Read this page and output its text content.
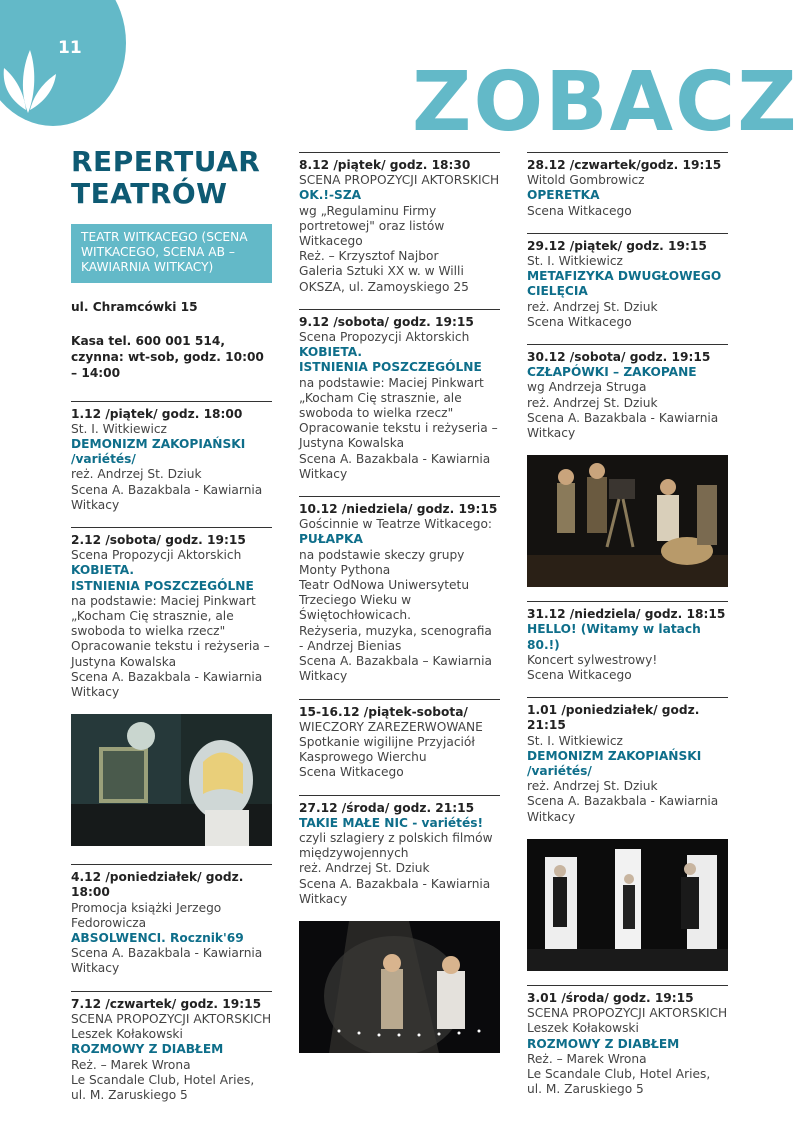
11
ZOBACZ
REPERTUAR
TEATRÓW
TEATR WITKACEGO (SCENA WITKACEGO, SCENA AB – KAWIARNIA WITKACY)
ul. Chramcówki 15
Kasa tel. 600 001 514, czynna: wt-sob, godz. 10:00 – 14:00
1.12 /piątek/ godz. 18:00
St. I. Witkiewicz
DEMONIZM ZAKOPIAŃSKI /variétés/
reż. Andrzej St. Dziuk
Scena A. Bazakbala - Kawiarnia Witkacy
2.12 /sobota/ godz. 19:15
Scena Propozycji Aktorskich
KOBIETA.
ISTNIENIA POSZCZEGÓLNE
na podstawie: Maciej Pinkwart „Kocham Cię strasznie, ale swoboda to wielka rzecz"
Opracowanie tekstu i reżyseria – Justyna Kowalska
Scena A. Bazakbala - Kawiarnia Witkacy
4.12 /poniedziałek/ godz. 18:00
Promocja książki Jerzego Fedorowicza
ABSOLWENCI. Rocznik'69
Scena A. Bazakbala - Kawiarnia Witkacy
7.12 /czwartek/ godz. 19:15
SCENA PROPOZYCJI AKTORSKICH
Leszek Kołakowski
ROZMOWY Z DIABŁEM
Reż. – Marek Wrona
Le Scandale Club, Hotel Aries, ul. M. Zaruskiego 5
8.12 /piątek/ godz. 18:30
SCENA PROPOZYCJI AKTORSKICH
OK.!-SZA
wg „Regulaminu Firmy portretowej" oraz listów Witkacego
Reż. – Krzysztof Najbor
Galeria Sztuki XX w. w Willi OKSZA, ul. Zamoyskiego 25
9.12 /sobota/ godz. 19:15
Scena Propozycji Aktorskich
KOBIETA.
ISTNIENIA POSZCZEGÓLNE
na podstawie: Maciej Pinkwart „Kocham Cię strasznie, ale swoboda to wielka rzecz"
Opracowanie tekstu i reżyseria – Justyna Kowalska
Scena A. Bazakbala - Kawiarnia Witkacy
10.12 /niedziela/ godz. 19:15
Gościnnie w Teatrze Witkacego:
PUŁAPKA
na podstawie skeczy grupy Monty Pythona
Teatr OdNowa Uniwersytetu Trzeciego Wieku w Świętochłowicach.
Reżyseria, muzyka, scenografia - Andrzej Bienias
Scena A. Bazakbala – Kawiarnia Witkacy
15-16.12 /piątek-sobota/
WIECZORY ZAREZERWOWANE
Spotkanie wigilijne Przyjaciół Kasprowego Wierchu
Scena Witkacego
27.12 /środa/ godz. 21:15
TAKIE MAŁE NIC - variétés!
czyli szlagiery z polskich filmów międzywojennych
reż. Andrzej St. Dziuk
Scena A. Bazakbala - Kawiarnia Witkacy
28.12 /czwartek/godz. 19:15
Witold Gombrowicz
OPERETKA
Scena Witkacego
29.12 /piątek/ godz. 19:15
St. I. Witkiewicz
METAFIZYKA DWUGŁOWEGO CIELĘCIA
reż. Andrzej St. Dziuk
Scena Witkacego
30.12 /sobota/ godz. 19:15
CZŁAPÓWKI – ZAKOPANE
wg Andrzeja Struga
reż. Andrzej St. Dziuk
Scena A. Bazakbala - Kawiarnia Witkacy
31.12 /niedziela/ godz. 18:15
HELLO! (Witamy w latach 80.!)
Koncert sylwestrowy!
Scena Witkacego
1.01 /poniedziałek/ godz. 21:15
St. I. Witkiewicz
DEMONIZM ZAKOPIAŃSKI /variétés/
reż. Andrzej St. Dziuk
Scena A. Bazakbala - Kawiarnia Witkacy
3.01 /środa/ godz. 19:15
SCENA PROPOZYCJI AKTORSKICH
Leszek Kołakowski
ROZMOWY Z DIABŁEM
Reż. – Marek Wrona
Le Scandale Club, Hotel Aries, ul. M. Zaruskiego 5
